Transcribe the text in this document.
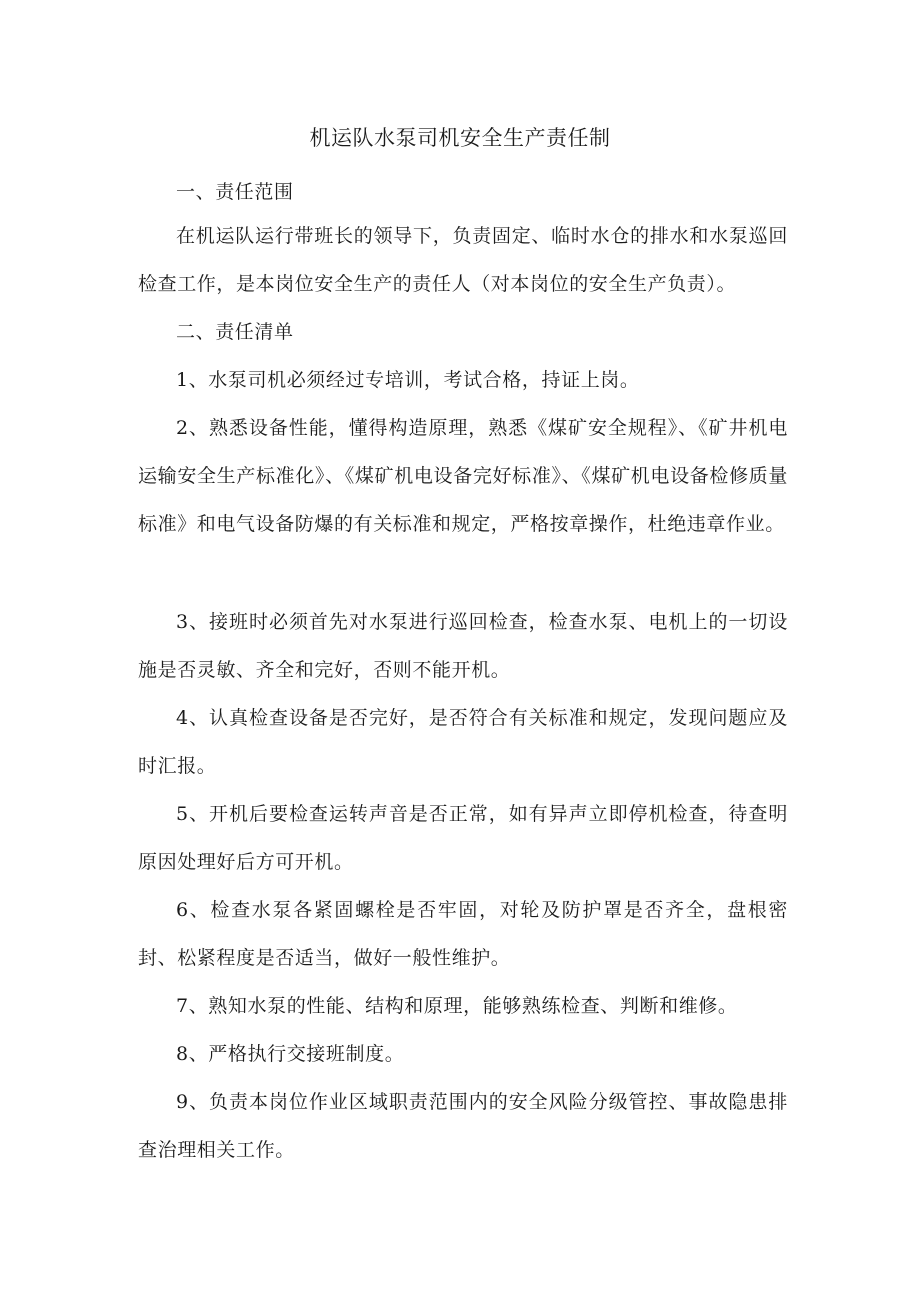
机运队水泵司机安全生产责任制

一、责任范围

在机运队运行带班长的领导下，负责固定、临时水仓的排水和水泵巡回检查工作，是本岗位安全生产的责任人（对本岗位的安全生产负责）。

二、责任清单

1、水泵司机必须经过专培训，考试合格，持证上岗。

2、熟悉设备性能，懂得构造原理，熟悉《煤矿安全规程》、《矿井机电运输安全生产标准化》、《煤矿机电设备完好标准》、《煤矿机电设备检修质量标准》和电气设备防爆的有关标准和规定，严格按章操作，杜绝违章作业。

3、接班时必须首先对水泵进行巡回检查，检查水泵、电机上的一切设施是否灵敏、齐全和完好，否则不能开机。

4、认真检查设备是否完好，是否符合有关标准和规定，发现问题应及时汇报。

5、开机后要检查运转声音是否正常，如有异声立即停机检查，待查明原因处理好后方可开机。

6、检查水泵各紧固螺栓是否牢固，对轮及防护罩是否齐全，盘根密封、松紧程度是否适当，做好一般性维护。

7、熟知水泵的性能、结构和原理，能够熟练检查、判断和维修。

8、严格执行交接班制度。

9、负责本岗位作业区域职责范围内的安全风险分级管控、事故隐患排查治理相关工作。
